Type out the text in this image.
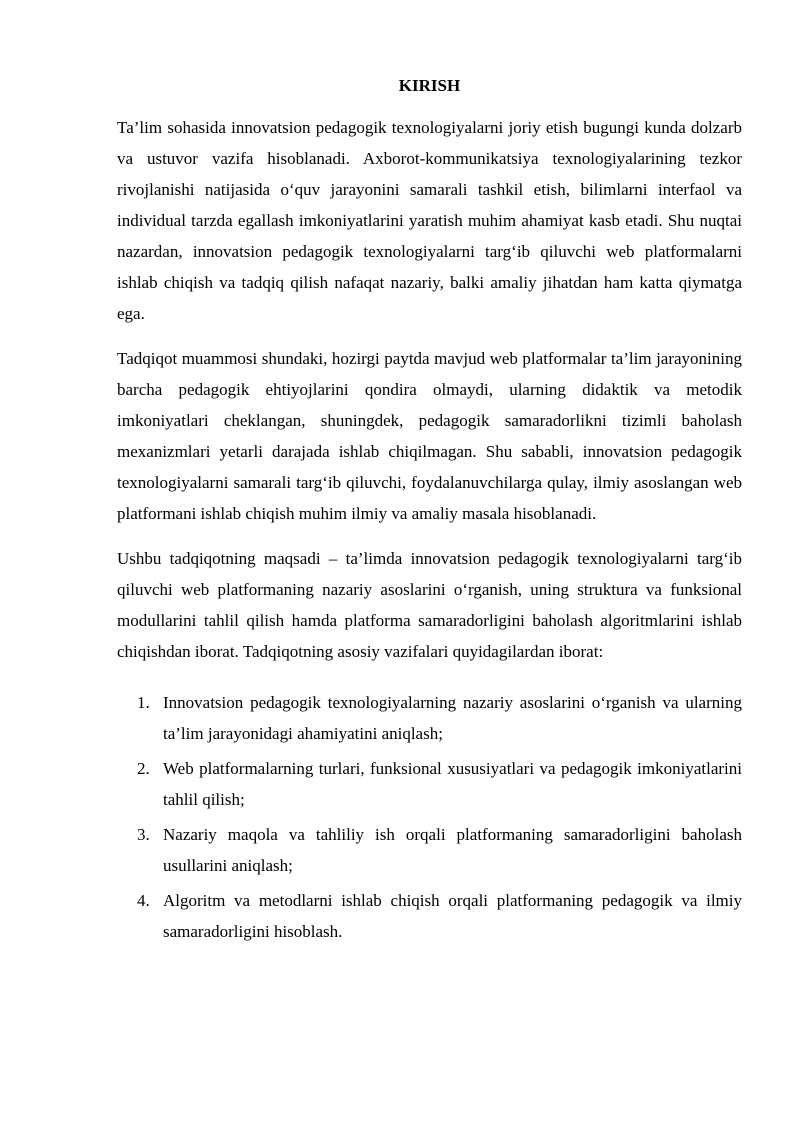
KIRISH

Ta’lim sohasida innovatsion pedagogik texnologiyalarni joriy etish bugungi kunda dolzarb va ustuvor vazifa hisoblanadi. Axborot-kommunikatsiya texnologiyalarining tezkor rivojlanishi natijasida o‘quv jarayonini samarali tashkil etish, bilimlarni interfaol va individual tarzda egallash imkoniyatlarini yaratish muhim ahamiyat kasb etadi. Shu nuqtai nazardan, innovatsion pedagogik texnologiyalarni targ‘ib qiluvchi web platformalarni ishlab chiqish va tadqiq qilish nafaqat nazariy, balki amaliy jihatdan ham katta qiymatga ega.

Tadqiqot muammosi shundaki, hozirgi paytda mavjud web platformalar ta’lim jarayonining barcha pedagogik ehtiyojlarini qondira olmaydi, ularning didaktik va metodik imkoniyatlari cheklangan, shuningdek, pedagogik samaradorlikni tizimli baholash mexanizmlari yetarli darajada ishlab chiqilmagan. Shu sababli, innovatsion pedagogik texnologiyalarni samarali targ‘ib qiluvchi, foydalanuvchilarga qulay, ilmiy asoslangan web platformani ishlab chiqish muhim ilmiy va amaliy masala hisoblanadi.

Ushbu tadqiqotning maqsadi – ta’limda innovatsion pedagogik texnologiyalarni targ‘ib qiluvchi web platformaning nazariy asoslarini o‘rganish, uning struktura va funksional modullarini tahlil qilish hamda platforma samaradorligini baholash algoritmlarini ishlab chiqishdan iborat. Tadqiqotning asosiy vazifalari quyidagilardan iborat:

1. Innovatsion pedagogik texnologiyalarning nazariy asoslarini o‘rganish va ularning ta’lim jarayonidagi ahamiyatini aniqlash;
2. Web platformalarning turlari, funksional xususiyatlari va pedagogik imkoniyatlarini tahlil qilish;
3. Nazariy maqola va tahliliy ish orqali platformaning samaradorligini baholash usullarini aniqlash;
4. Algoritm va metodlarni ishlab chiqish orqali platformaning pedagogik va ilmiy samaradorligini hisoblash.
